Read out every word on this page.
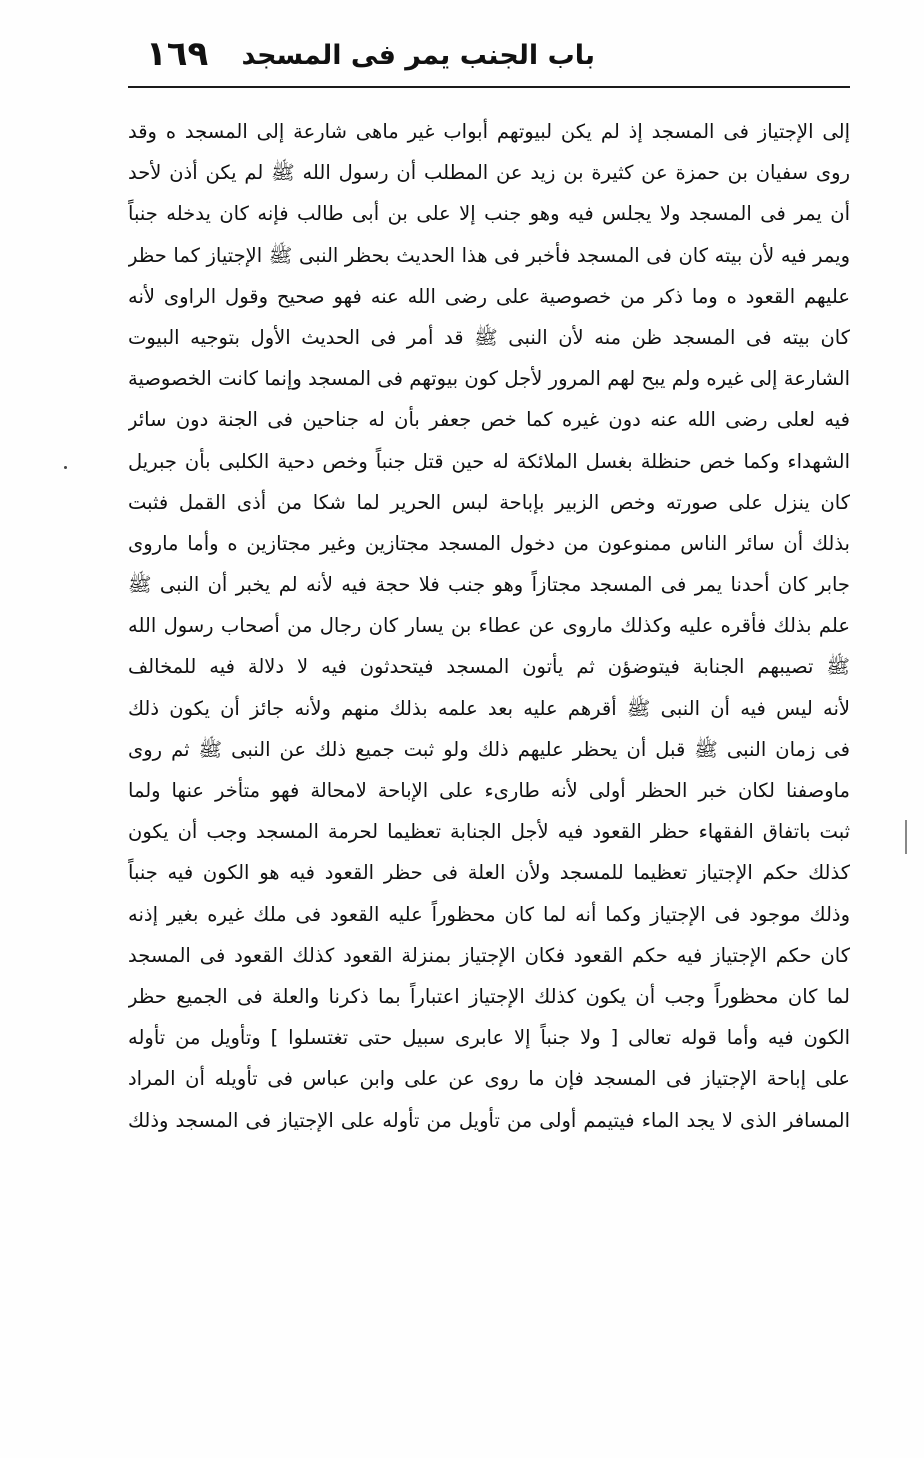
باب الجنب يمر فى المسجد
١٦٩
إلى الإجتياز فى المسجد إذ لم يكن لبيوتهم أبواب غير ماهى شارعة إلى المسجد ه وقد
روى سفيان بن حمزة عن كثيرة بن زيد عن المطلب أن رسول الله ﷺ لم يكن أذن لأحد
أن يمر فى المسجد ولا يجلس فيه وهو جنب إلا على بن أبى طالب فإنه كان يدخله جنباً
ويمر فيه لأن بيته كان فى المسجد فأخبر فى هذا الحديث بحظر النبى ﷺ الإجتياز كما حظر
عليهم القعود ه وما ذكر من خصوصية على رضى الله عنه فهو صحيح وقول الراوى لأنه
كان بيته فى المسجد ظن منه لأن النبى ﷺ قد أمر فى الحديث الأول بتوجيه البيوت
الشارعة إلى غيره ولم يبح لهم المرور لأجل كون بيوتهم فى المسجد وإنما كانت الخصوصية
فيه لعلى رضى الله عنه دون غيره كما خص جعفر بأن له جناحين فى الجنة دون سائر
الشهداء وكما خص حنظلة بغسل الملائكة له حين قتل جنباً وخص دحية الكلبى بأن جبريل
كان ينزل على صورته وخص الزبير بإباحة لبس الحرير لما شكا من أذى القمل فثبت
بذلك أن سائر الناس ممنوعون من دخول المسجد مجتازين وغير مجتازين ه وأما ماروى
جابر كان أحدنا يمر فى المسجد مجتازاً وهو جنب فلا حجة فيه لأنه لم يخبر أن النبى ﷺ
علم بذلك فأقره عليه وكذلك ماروى عن عطاء بن يسار كان رجال من أصحاب رسول الله
ﷺ تصيبهم الجنابة فيتوضؤن ثم يأتون المسجد فيتحدثون فيه لا دلالة فيه للمخالف
لأنه ليس فيه أن النبى ﷺ أقرهم عليه بعد علمه بذلك منهم ولأنه جائز أن يكون ذلك
فى زمان النبى ﷺ قبل أن يحظر عليهم ذلك ولو ثبت جميع ذلك عن النبى ﷺ ثم روى
ماوصفنا لكان خبر الحظر أولى لأنه طارىء على الإباحة لامحالة فهو متأخر عنها ولما
ثبت باتفاق الفقهاء حظر القعود فيه لأجل الجنابة تعظيما لحرمة المسجد وجب أن يكون
كذلك حكم الإجتياز تعظيما للمسجد ولأن العلة فى حظر القعود فيه هو الكون فيه جنباً
وذلك موجود فى الإجتياز وكما أنه لما كان محظوراً عليه القعود فى ملك غيره بغير إذنه
كان حكم الإجتياز فيه حكم القعود فكان الإجتياز بمنزلة القعود كذلك القعود فى المسجد
لما كان محظوراً وجب أن يكون كذلك الإجتياز اعتباراً بما ذكرنا والعلة فى الجميع حظر
الكون فيه وأما قوله تعالى [ ولا جنباً إلا عابرى سبيل حتى تغتسلوا ] وتأويل من تأوله
على إباحة الإجتياز فى المسجد فإن ما روى عن على وابن عباس فى تأويله أن المراد
المسافر الذى لا يجد الماء فيتيمم أولى من تأويل من تأوله على الإجتياز فى المسجد وذلك
